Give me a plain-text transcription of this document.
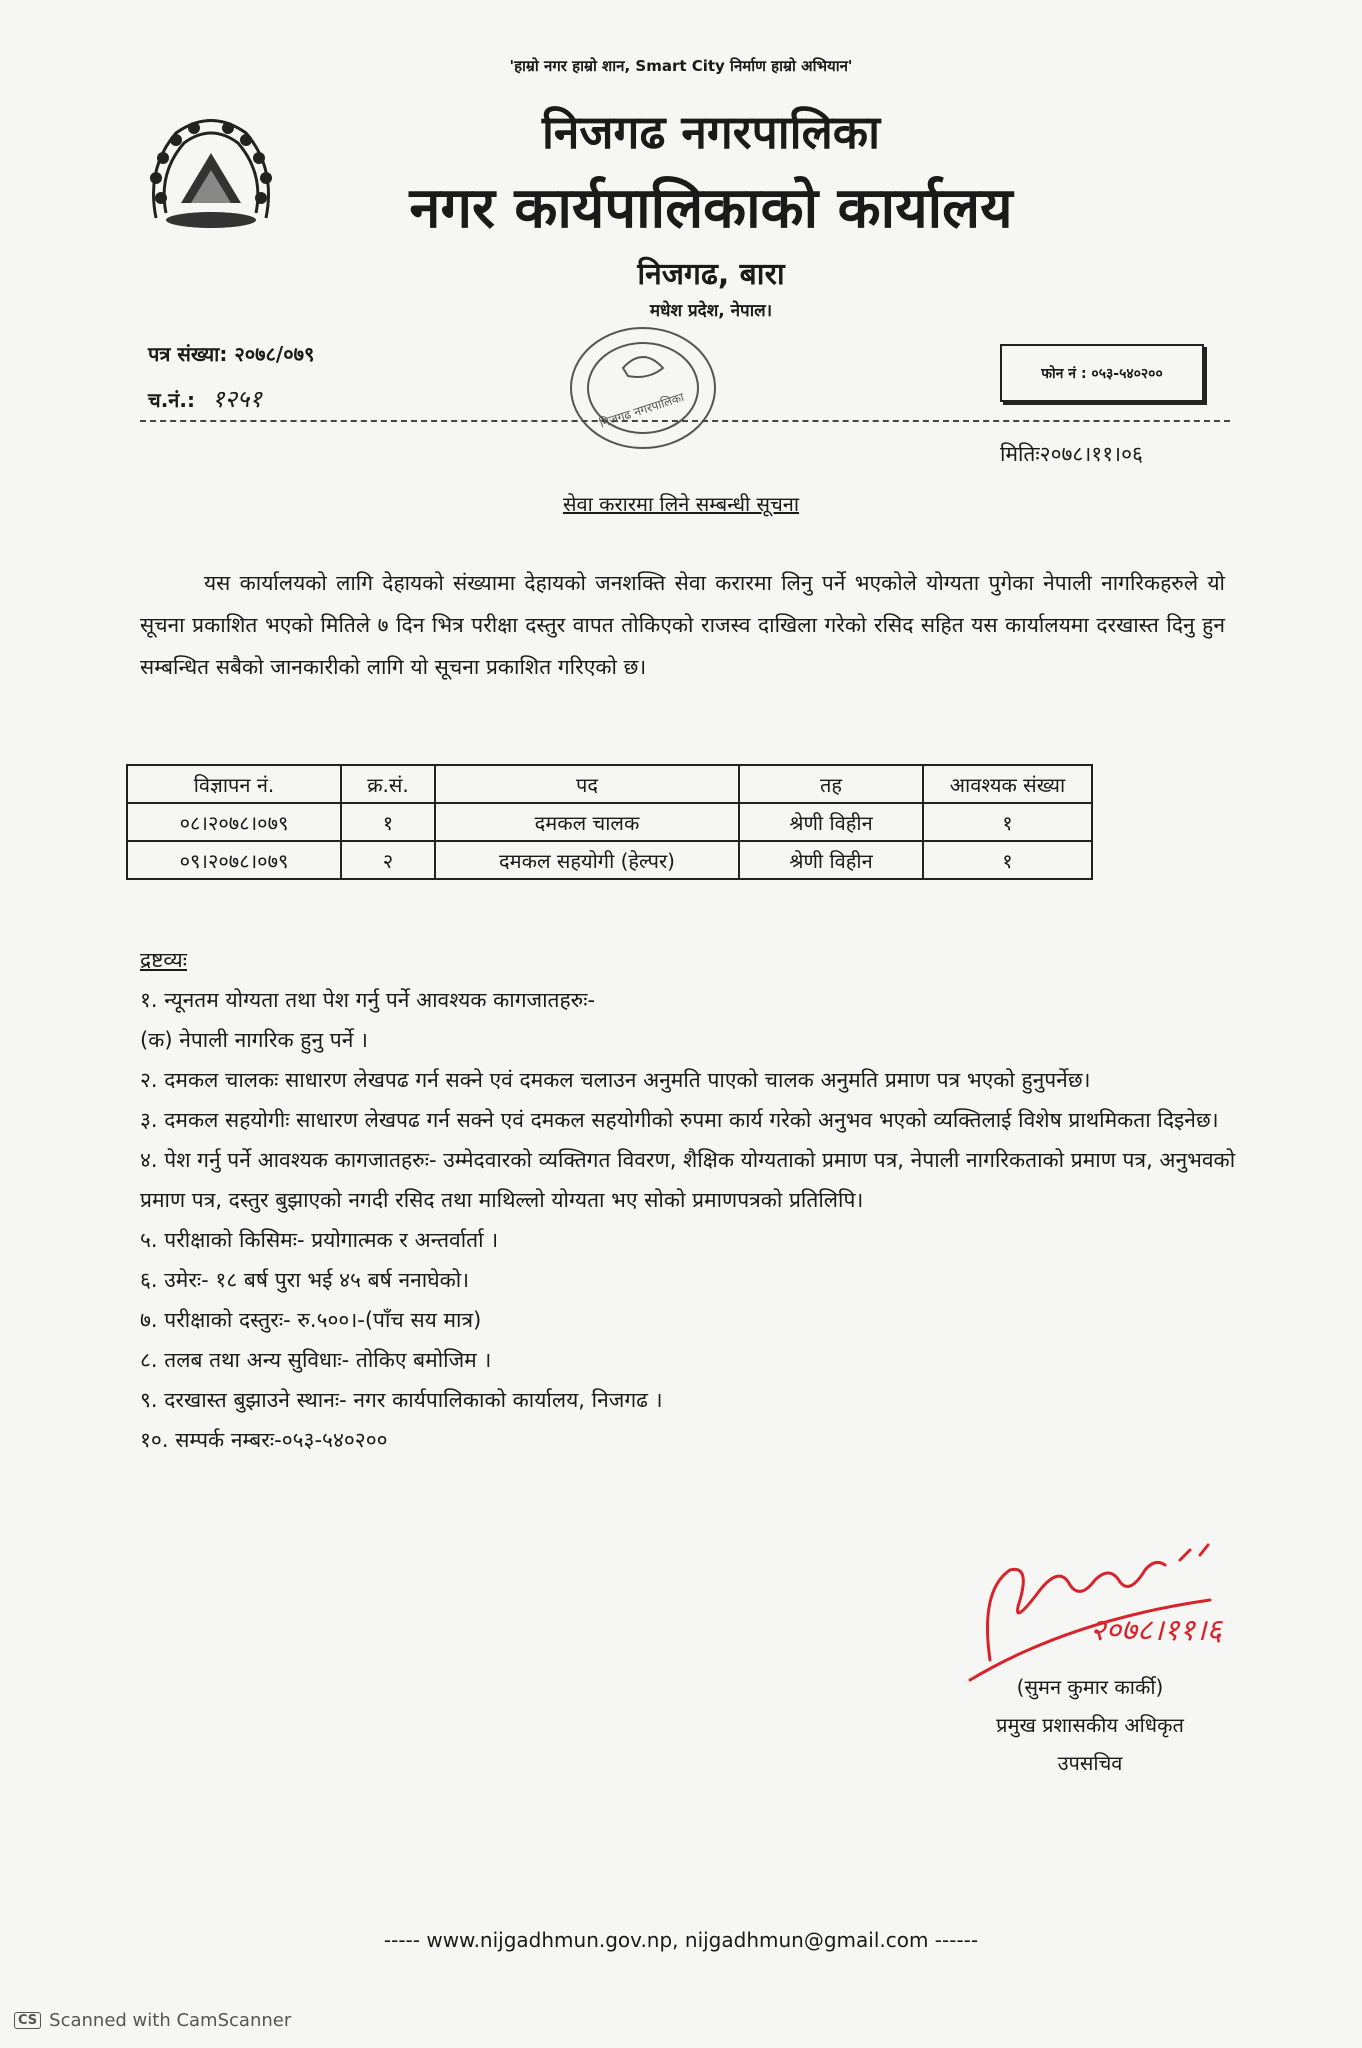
'हाम्रो नगर हाम्रो शान, Smart City निर्माण हाम्रो अभियान'
निजगढ नगरपालिका
नगर कार्यपालिकाको कार्यालय
निजगढ, बारा
मधेश प्रदेश, नेपाल।
पत्र संख्या: २०७८/०७९
च.नं.: १२५१
फोन नं : ०५३-५४०२००
निजगढ नगरपालिका
मितिः२०७८।११।०६
सेवा करारमा लिने सम्बन्धी सूचना
यस कार्यालयको लागि देहायको संख्यामा देहायको जनशक्ति सेवा करारमा लिनु पर्ने भएकोले योग्यता पुगेका नेपाली नागरिकहरुले यो सूचना प्रकाशित भएको मितिले ७ दिन भित्र परीक्षा दस्तुर वापत तोकिएको राजस्व दाखिला गरेको रसिद सहित यस कार्यालयमा दरखास्त दिनु हुन सम्बन्धित सबैको जानकारीको लागि यो सूचना प्रकाशित गरिएको छ।
विज्ञापन नं.	क्र.सं.	पद	तह	आवश्यक संख्या
०८।२०७८।०७९	१	दमकल चालक	श्रेणी विहीन	१
०९।२०७८।०७९	२	दमकल सहयोगी (हेल्पर)	श्रेणी विहीन	१
द्रष्टव्यः
१. न्यूनतम योग्यता तथा पेश गर्नु पर्ने आवश्यक कागजातहरुः-
(क) नेपाली नागरिक हुनु पर्ने ।
२. दमकल चालकः साधारण लेखपढ गर्न सक्ने एवं दमकल चलाउन अनुमति पाएको चालक अनुमति प्रमाण पत्र भएको हुनुपर्नेछ।
३. दमकल सहयोगीः साधारण लेखपढ गर्न सक्ने एवं दमकल सहयोगीको रुपमा कार्य गरेको अनुभव भएको व्यक्तिलाई विशेष प्राथमिकता दिइनेछ।
४. पेश गर्नु पर्ने आवश्यक कागजातहरुः- उम्मेदवारको व्यक्तिगत विवरण, शैक्षिक योग्यताको प्रमाण पत्र, नेपाली नागरिकताको प्रमाण पत्र, अनुभवको प्रमाण पत्र, दस्तुर बुझाएको नगदी रसिद तथा माथिल्लो योग्यता भए सोको प्रमाणपत्रको प्रतिलिपि।
५. परीक्षाको किसिमः- प्रयोगात्मक र अन्तर्वार्ता ।
६. उमेरः- १८ बर्ष पुरा भई ४५ बर्ष ननाघेको।
७. परीक्षाको दस्तुरः- रु.५००।-(पाँच सय मात्र)
८. तलब तथा अन्य सुविधाः- तोकिए बमोजिम ।
९. दरखास्त बुझाउने स्थानः- नगर कार्यपालिकाको कार्यालय, निजगढ ।
१०. सम्पर्क नम्बरः-०५३-५४०२००
२०७८।११।६
(सुमन कुमार कार्की)
प्रमुख प्रशासकीय अधिकृत
उपसचिव
----- www.nijgadhmun.gov.np, nijgadhmun@gmail.com ------
CS Scanned with CamScanner
